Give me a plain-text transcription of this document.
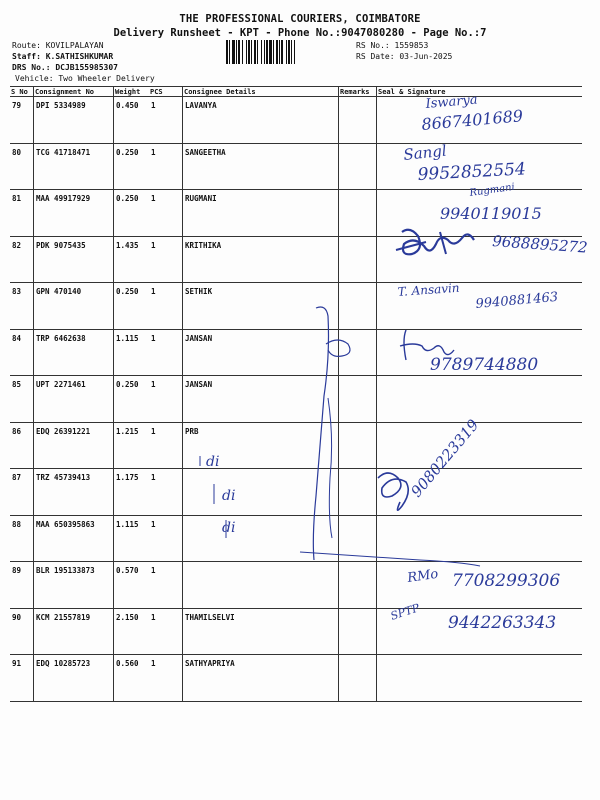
THE PROFESSIONAL COURIERS, COIMBATORE
Delivery Runsheet - KPT - Phone No.:9047080280 - Page No.:7
Route: KOVILPALAYAN
Staff: K.SATHISHKUMAR
DRS No.: DCJB155985307
Vehicle: Two Wheeler Delivery
RS No.: 1559853
RS Date: 03-Jun-2025
S No	Consignment No	Weight	PCS	Consignee Details	Remarks	Seal & Signature
79	DPI 5334989	0.450	1	LAVANYA		
80	TCG 41718471	0.250	1	SANGEETHA		
81	MAA 49917929	0.250	1	RUGMANI		
82	PDK 9075435	1.435	1	KRITHIKA		
83	GPN 470140	0.250	1	SETHIK		
84	TRP 6462638	1.115	1	JANSAN		
85	UPT 2271461	0.250	1	JANSAN		
86	EDQ 26391221	1.215	1	PRB		
87	TRZ 45739413	1.175	1			
88	MAA 650395863	1.115	1			
89	BLR 195133873	0.570	1			
90	KCM 21557819	2.150	1	THAMILSELVI		
91	EDQ 10285723	0.560	1	SATHYAPRIYA		
Iswarya
8667401689
Sangl
9952852554
Rugmani
9940119015
9688895272
T. Ansavin 9940881463
9789744880
di
di
di
9080223319
RMo 7708299306
SPTP
9442263343
